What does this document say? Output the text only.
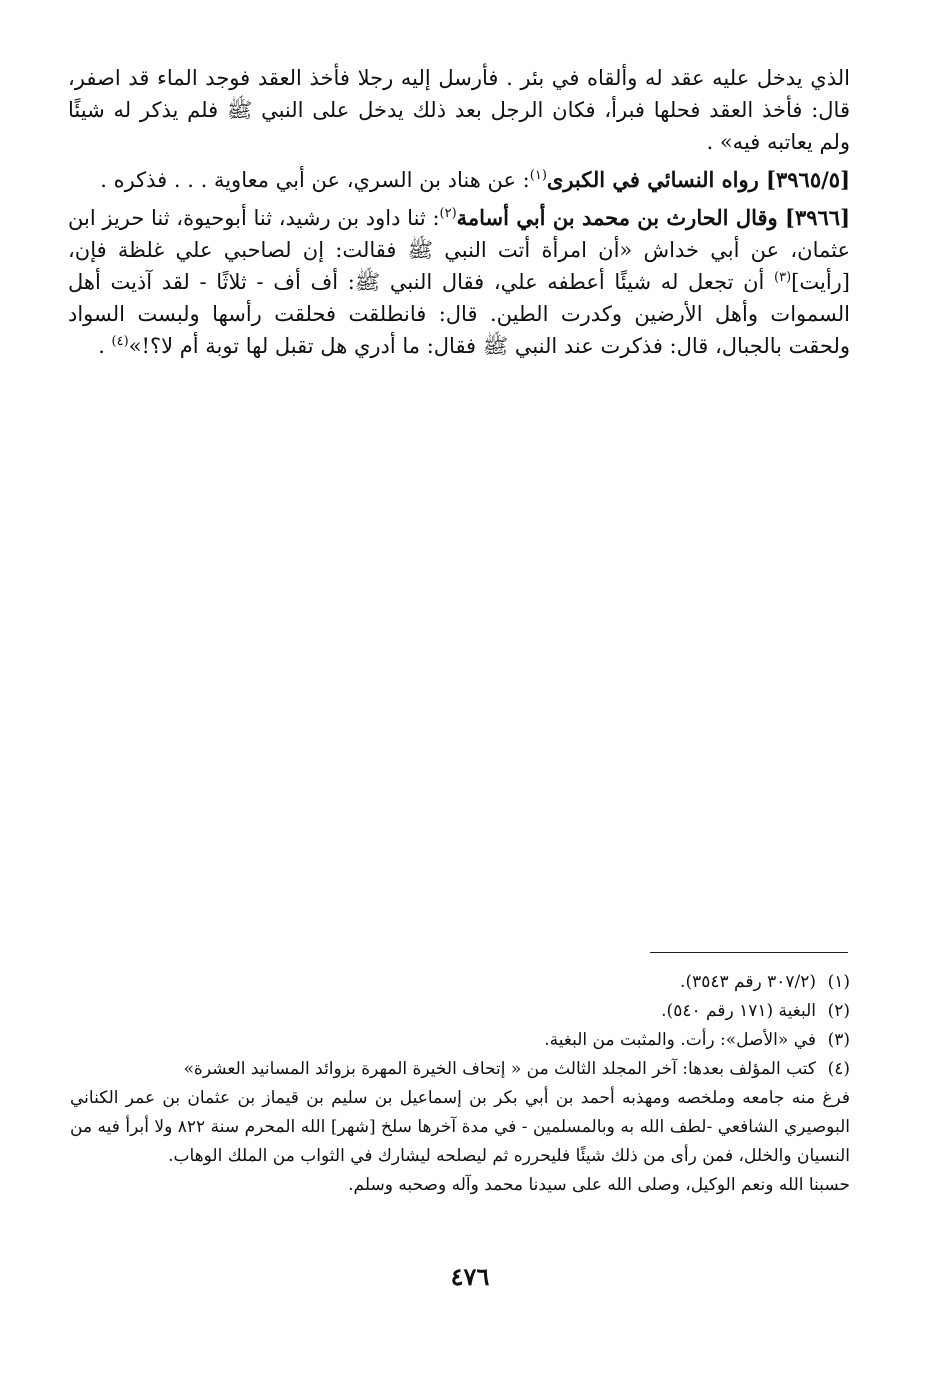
الذي يدخل عليه عقد له وألقاه في بئر . فأرسل إليه رجلا فأخذ العقد فوجد الماء قد اصفر، قال: فأخذ العقد فحلها فبرأ، فكان الرجل بعد ذلك يدخل على النبي ﷺ فلم يذكر له شيئًا ولم يعاتبه فيه» .

[٣٩٦٥/٥] رواه النسائي في الكبرى$^{(١)}$: عن هناد بن السري، عن أبي معاوية . . . فذكره .

[٣٩٦٦] وقال الحارث بن محمد بن أبي أسامة$^{(٢)}$: ثنا داود بن رشيد، ثنا أبوحيوة، ثنا حريز ابن عثمان، عن أبي خداش «أن امرأة أتت النبي ﷺ فقالت: إن لصاحبي علي غلظة فإن، [رأيت]$^{(٣)}$ أن تجعل له شيئًا أعطفه علي، فقال النبي ﷺ: أف أف - ثلاثًا - لقد آذيت أهل السموات وأهل الأرضين وكدرت الطين. قال: فانطلقت فحلقت رأسها ولبست السواد ولحقت بالجبال، قال: فذكرت عند النبي ﷺ فقال: ما أدري هل تقبل لها توبة أم لا؟!»$^{(٤)}$ .

(١)
(٣٠٧/٢ رقم ٣٥٤٣).
(٢)
البغية (١٧١ رقم ٥٤٠).
(٣)
في «الأصل»: رأت. والمثبت من البغية.
(٤)
كتب المؤلف بعدها: آخر المجلد الثالث من « إتحاف الخيرة المهرة بزوائد المسانيد العشرة»

فرغ منه جامعه وملخصه ومهذبه أحمد بن أبي بكر بن إسماعيل بن سليم بن قيماز بن عثمان بن عمر الكناني البوصيري الشافعي -لطف الله به وبالمسلمين - في مدة آخرها سلخ [شهر] الله المحرم سنة ٨٢٢ ولا أبرأ فيه من النسيان والخلل، فمن رأى من ذلك شيئًا فليحرره ثم ليصلحه ليشارك في الثواب من الملك الوهاب.

حسبنا الله ونعم الوكيل، وصلى الله على سيدنا محمد وآله وصحبه وسلم.

٤٧٦
